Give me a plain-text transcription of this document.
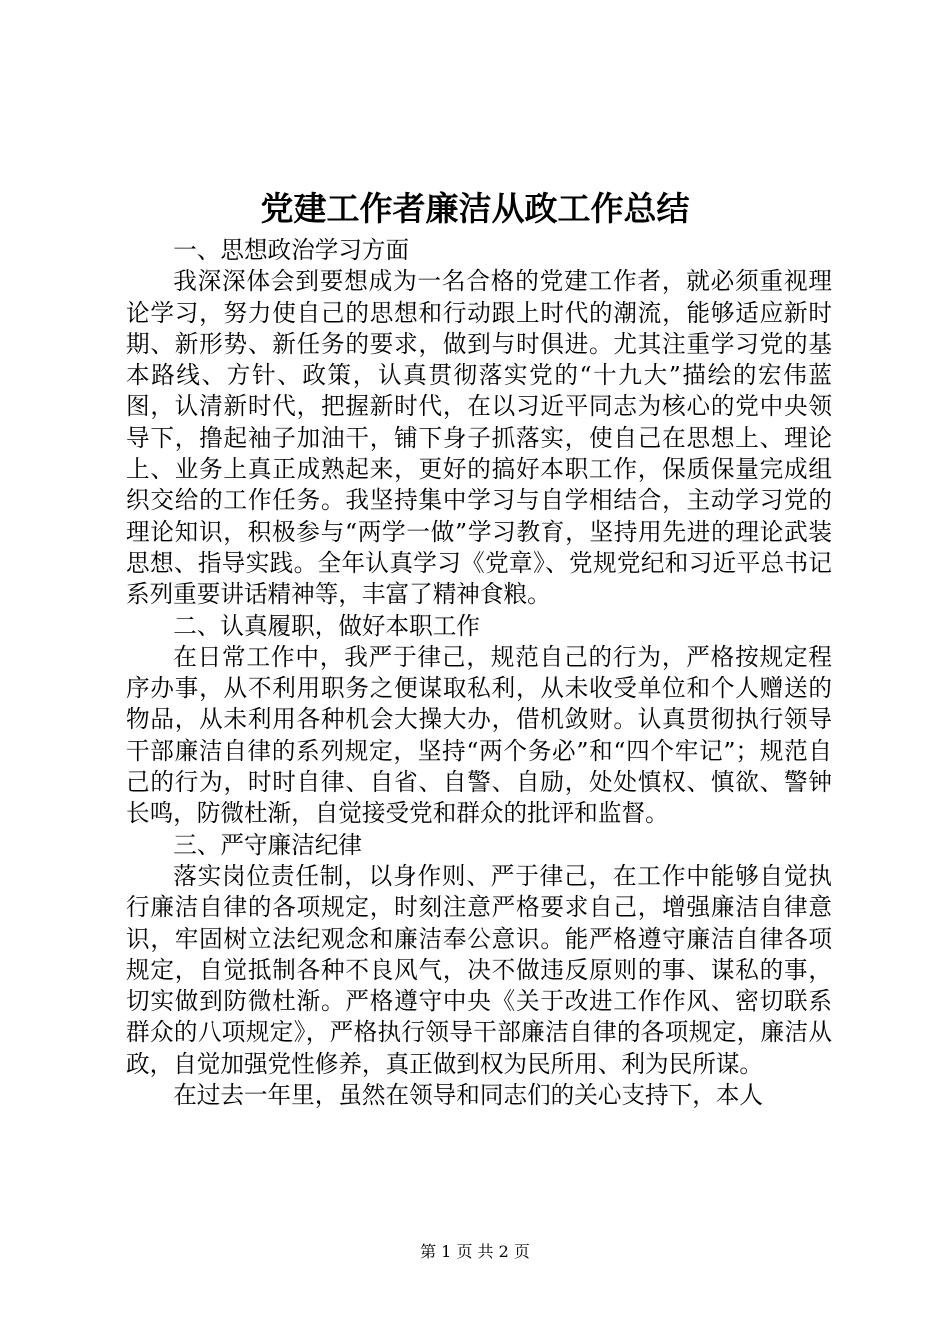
党建工作者廉洁从政工作总结

一、思想政治学习方面

我深深体会到要想成为一名合格的党建工作者，就必须重视理论学习，努力使自己的思想和行动跟上时代的潮流，能够适应新时期、新形势、新任务的要求，做到与时俱进。尤其注重学习党的基本路线、方针、政策，认真贯彻落实党的“十九大”描绘的宏伟蓝图，认清新时代，把握新时代，在以习近平同志为核心的党中央领导下，撸起袖子加油干，铺下身子抓落实，使自己在思想上、理论上、业务上真正成熟起来，更好的搞好本职工作，保质保量完成组织交给的工作任务。我坚持集中学习与自学相结合，主动学习党的理论知识，积极参与“两学一做”学习教育，坚持用先进的理论武装思想、指导实践。全年认真学习《党章》、党规党纪和习近平总书记系列重要讲话精神等，丰富了精神食粮。

二、认真履职，做好本职工作

在日常工作中，我严于律己，规范自己的行为，严格按规定程序办事，从不利用职务之便谋取私利，从未收受单位和个人赠送的物品，从未利用各种机会大操大办，借机敛财。认真贯彻执行领导干部廉洁自律的系列规定，坚持“两个务必”和“四个牢记”；规范自己的行为，时时自律、自省、自警、自励，处处慎权、慎欲、警钟长鸣，防微杜渐，自觉接受党和群众的批评和监督。

三、严守廉洁纪律

落实岗位责任制，以身作则、严于律己，在工作中能够自觉执行廉洁自律的各项规定，时刻注意严格要求自己，增强廉洁自律意识，牢固树立法纪观念和廉洁奉公意识。能严格遵守廉洁自律各项规定，自觉抵制各种不良风气，决不做违反原则的事、谋私的事，切实做到防微杜渐。严格遵守中央《关于改进工作作风、密切联系群众的八项规定》，严格执行领导干部廉洁自律的各项规定，廉洁从政，自觉加强党性修养，真正做到权为民所用、利为民所谋。

在过去一年里，虽然在领导和同志们的关心支持下，本人

第 1 页 共 2 页
